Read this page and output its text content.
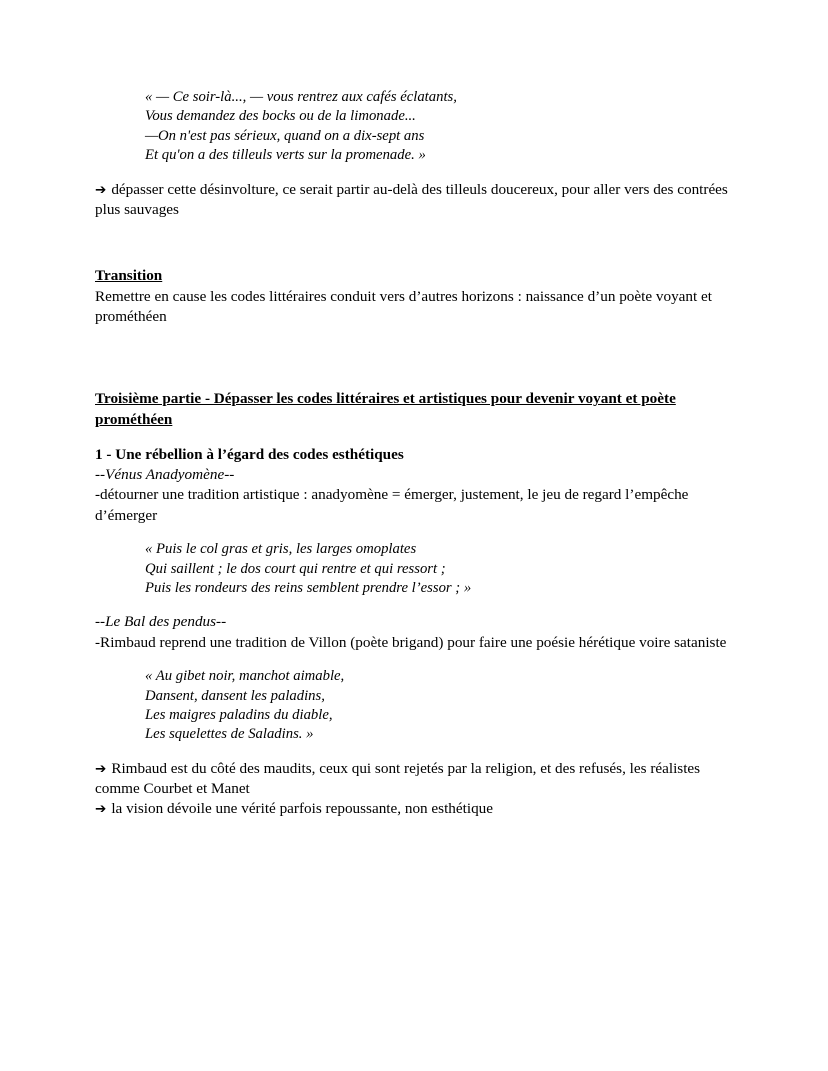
« — Ce soir-là..., — vous rentrez aux cafés éclatants,
Vous demandez des bocks ou de la limonade...
—On n'est pas sérieux, quand on a dix-sept ans
Et qu'on a des tilleuls verts sur la promenade. »

➔ dépasser cette désinvolture, ce serait partir au-delà des tilleuls doucereux, pour aller vers des contrées plus sauvages

Transition

Remettre en cause les codes littéraires conduit vers d’autres horizons : naissance d’un poète voyant et prométhéen

Troisième partie - Dépasser les codes littéraires et artistiques pour devenir voyant et poète prométhéen

1 - Une rébellion à l’égard des codes esthétiques

--Vénus Anadyomène--

-détourner une tradition artistique : anadyomène = émerger, justement, le jeu de regard l’empêche d’émerger

« Puis le col gras et gris, les larges omoplates
Qui saillent ; le dos court qui rentre et qui ressort ;
Puis les rondeurs des reins semblent prendre l’essor ; »

--Le Bal des pendus--

-Rimbaud reprend une tradition de Villon (poète brigand) pour faire une poésie hérétique voire sataniste

« Au gibet noir, manchot aimable,
Dansent, dansent les paladins,
Les maigres paladins du diable,
Les squelettes de Saladins. »

➔ Rimbaud est du côté des maudits, ceux qui sont rejetés par la religion, et des refusés, les réalistes comme Courbet et Manet

➔ la vision dévoile une vérité parfois repoussante, non esthétique
